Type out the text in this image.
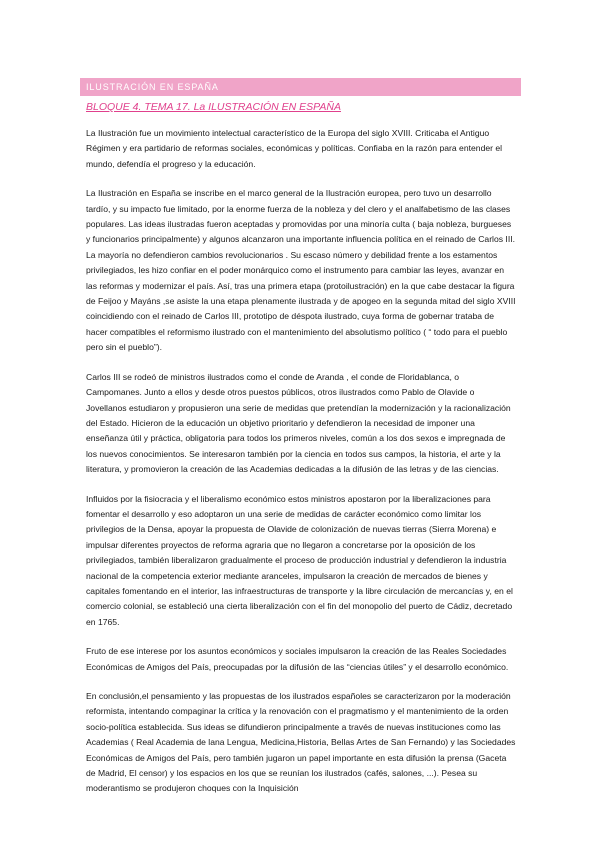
ILUSTRACIÓN EN ESPAÑA
BLOQUE 4. TEMA 17. La ILUSTRACIÓN EN ESPAÑA

La Ilustración fue un movimiento intelectual característico de la Europa del siglo XVIII. Criticaba el Antiguo Régimen y era partidario de reformas sociales, económicas y políticas. Confiaba en la razón para entender el mundo, defendía el progreso y la educación.

La Ilustración en España se inscribe en el marco general de la Ilustración europea, pero tuvo un desarrollo tardío, y su impacto fue limitado, por la enorme fuerza de la nobleza y del clero y el analfabetismo de las clases populares. Las ideas ilustradas fueron aceptadas y promovidas por una minoría culta ( baja nobleza, burgueses y funcionarios principalmente) y algunos alcanzaron una importante influencia política en el reinado de Carlos III. La mayoría no defendieron cambios revolucionarios . Su escaso número y debilidad frente a los estamentos privilegiados, les hizo confiar en el poder monárquico como el instrumento para cambiar las leyes, avanzar en las reformas y modernizar el país. Así, tras una primera etapa (protoilustración) en la que cabe destacar la figura de Feijoo y Mayáns ,se asiste la una etapa plenamente ilustrada y de apogeo en la segunda mitad del siglo XVIII coincidiendo con el reinado de Carlos III, prototipo de déspota ilustrado, cuya forma de gobernar trataba de hacer compatibles el reformismo ilustrado con el mantenimiento del absolutismo político ( “ todo para el pueblo pero sin el pueblo”).

Carlos III se rodeó de ministros ilustrados como el conde de Aranda , el conde de Floridablanca, o Campomanes. Junto a ellos y desde otros puestos públicos, otros ilustrados como Pablo de Olavide o Jovellanos estudiaron y propusieron una serie de medidas que pretendían la modernización y la racionalización del Estado. Hicieron de la educación un objetivo prioritario y defendieron la necesidad de imponer una enseñanza útil y práctica, obligatoria para todos los primeros niveles, común a los dos sexos e impregnada de los nuevos conocimientos. Se interesaron también por la ciencia en todos sus campos, la historia, el arte y la literatura, y promovieron la creación de las Academias dedicadas a la difusión de las letras y de las ciencias.

Influidos por la fisiocracia y el liberalismo económico estos ministros apostaron por la liberalizaciones para fomentar el desarrollo y eso adoptaron un una serie de medidas de carácter económico como limitar los privilegios de la Densa, apoyar la propuesta de Olavide de colonización de nuevas tierras (Sierra Morena) e impulsar diferentes proyectos de reforma agraria que no llegaron a concretarse por la oposición de los privilegiados, también liberalizaron gradualmente el proceso de producción industrial y defendieron la industria nacional de la competencia exterior mediante aranceles, impulsaron la creación de mercados de bienes y capitales fomentando en el interior, las infraestructuras de transporte y la libre circulación de mercancías y, en el comercio colonial, se estableció una cierta liberalización con el fin del monopolio del puerto de Cádiz, decretado en 1765.

Fruto de ese interese por los asuntos económicos y sociales impulsaron la creación de las Reales Sociedades Económicas de Amigos del País, preocupadas por la difusión de las “ciencias útiles” y el desarrollo económico.

En conclusión,el pensamiento y las propuestas de los ilustrados españoles se caracterizaron por la moderación reformista, intentando compaginar la crítica y la renovación con el pragmatismo y el mantenimiento de la orden socio-política establecida. Sus ideas se difundieron principalmente a través de nuevas instituciones como las Academias ( Real Academia de lana Lengua, Medicina,Historia, Bellas Artes de San Fernando) y las Sociedades Económicas de Amigos del País, pero también jugaron un papel importante en esta difusión la prensa (Gaceta de Madrid, El censor) y los espacios en los que se reunían los ilustrados (cafés, salones, ...). Pesea su moderantismo se produjeron choques con la Inquisición
